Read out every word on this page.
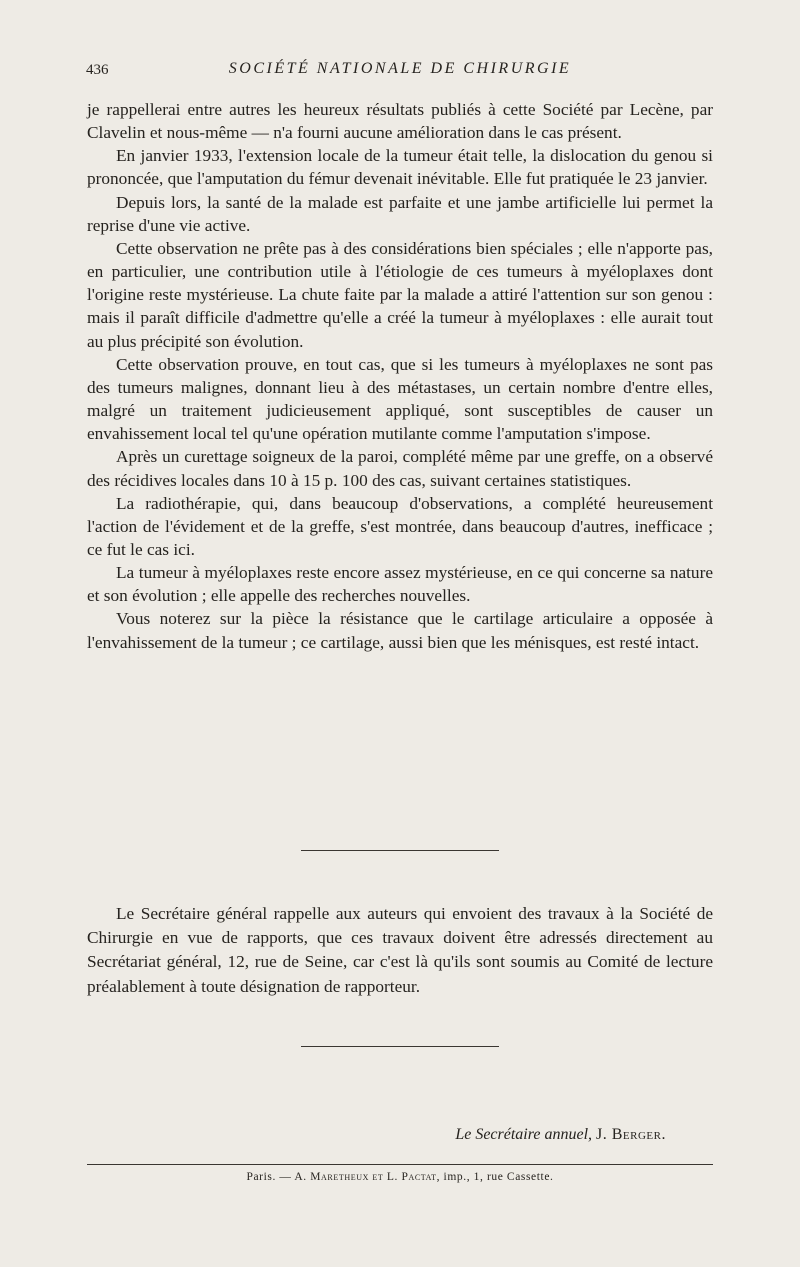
436	SOCIÉTÉ NATIONALE DE CHIRURGIE

je rappellerai entre autres les heureux résultats publiés à cette Société par Lecène, par Clavelin et nous-même — n'a fourni aucune amélioration dans le cas présent.

En janvier 1933, l'extension locale de la tumeur était telle, la dislocation du genou si prononcée, que l'amputation du fémur devenait inévitable. Elle fut pratiquée le 23 janvier.

Depuis lors, la santé de la malade est parfaite et une jambe artificielle lui permet la reprise d'une vie active.

Cette observation ne prête pas à des considérations bien spéciales ; elle n'apporte pas, en particulier, une contribution utile à l'étiologie de ces tumeurs à myéloplaxes dont l'origine reste mystérieuse. La chute faite par la malade a attiré l'attention sur son genou : mais il paraît difficile d'admettre qu'elle a créé la tumeur à myéloplaxes : elle aurait tout au plus précipité son évolution.

Cette observation prouve, en tout cas, que si les tumeurs à myéloplaxes ne sont pas des tumeurs malignes, donnant lieu à des métastases, un certain nombre d'entre elles, malgré un traitement judicieusement appliqué, sont susceptibles de causer un envahissement local tel qu'une opération mutilante comme l'amputation s'impose.

Après un curettage soigneux de la paroi, complété même par une greffe, on a observé des récidives locales dans 10 à 15 p. 100 des cas, suivant certaines statistiques.

La radiothérapie, qui, dans beaucoup d'observations, a complété heureusement l'action de l'évidement et de la greffe, s'est montrée, dans beaucoup d'autres, inefficace ; ce fut le cas ici.

La tumeur à myéloplaxes reste encore assez mystérieuse, en ce qui concerne sa nature et son évolution ; elle appelle des recherches nouvelles.

Vous noterez sur la pièce la résistance que le cartilage articulaire a opposée à l'envahissement de la tumeur ; ce cartilage, aussi bien que les ménisques, est resté intact.

Le Secrétaire général rappelle aux auteurs qui envoient des travaux à la Société de Chirurgie en vue de rapports, que ces travaux doivent être adressés directement au Secrétariat général, 12, rue de Seine, car c'est là qu'ils sont soumis au Comité de lecture préalablement à toute désignation de rapporteur.

Le Secrétaire annuel, J. Berger.
Paris. — A. Maretheux et L. Pactat, imp., 1, rue Cassette.
